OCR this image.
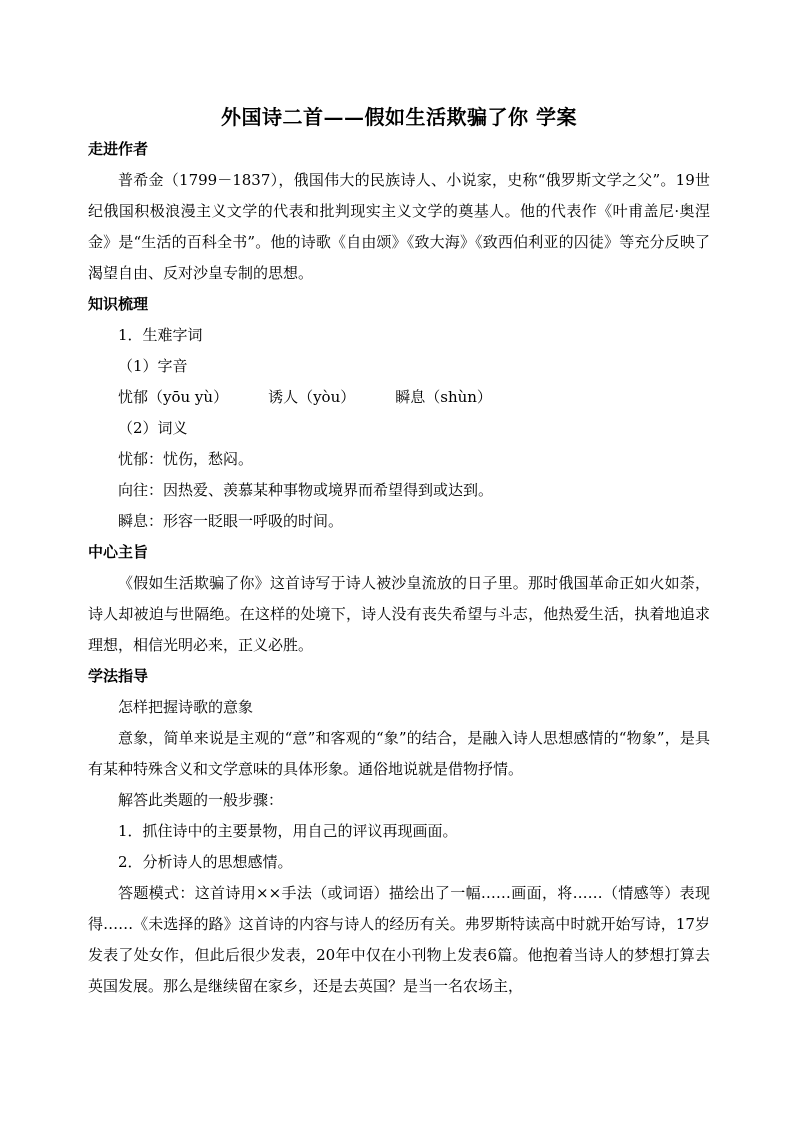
外国诗二首——假如生活欺骗了你 学案
走进作者

普希金（1799－1837），俄国伟大的民族诗人、小说家，史称“俄罗斯文学之父”。19世纪俄国积极浪漫主义文学的代表和批判现实主义文学的奠基人。他的代表作《叶甫盖尼·奥涅金》是“生活的百科全书”。他的诗歌《自由颂》《致大海》《致西伯利亚的囚徒》等充分反映了渴望自由、反对沙皇专制的思想。

知识梳理

1．生难字词

（1）字音

忧郁（yōu yù）	诱人（yòu）	瞬息（shùn）

（2）词义

忧郁：忧伤，愁闷。

向往：因热爱、羡慕某种事物或境界而希望得到或达到。

瞬息：形容一眨眼一呼吸的时间。

中心主旨

《假如生活欺骗了你》这首诗写于诗人被沙皇流放的日子里。那时俄国革命正如火如荼，诗人却被迫与世隔绝。在这样的处境下，诗人没有丧失希望与斗志，他热爱生活，执着地追求理想，相信光明必来，正义必胜。

学法指导

怎样把握诗歌的意象

意象，简单来说是主观的“意”和客观的“象”的结合，是融入诗人思想感情的“物象”，是具有某种特殊含义和文学意味的具体形象。通俗地说就是借物抒情。

解答此类题的一般步骤：

1．抓住诗中的主要景物，用自己的评议再现画面。

2．分析诗人的思想感情。

答题模式：这首诗用××手法（或词语）描绘出了一幅……画面，将……（情感等）表现得……《未选择的路》这首诗的内容与诗人的经历有关。弗罗斯特读高中时就开始写诗，17岁发表了处女作，但此后很少发表，20年中仅在小刊物上发表6篇。他抱着当诗人的梦想打算去英国发展。那么是继续留在家乡，还是去英国？是当一名农场主，
